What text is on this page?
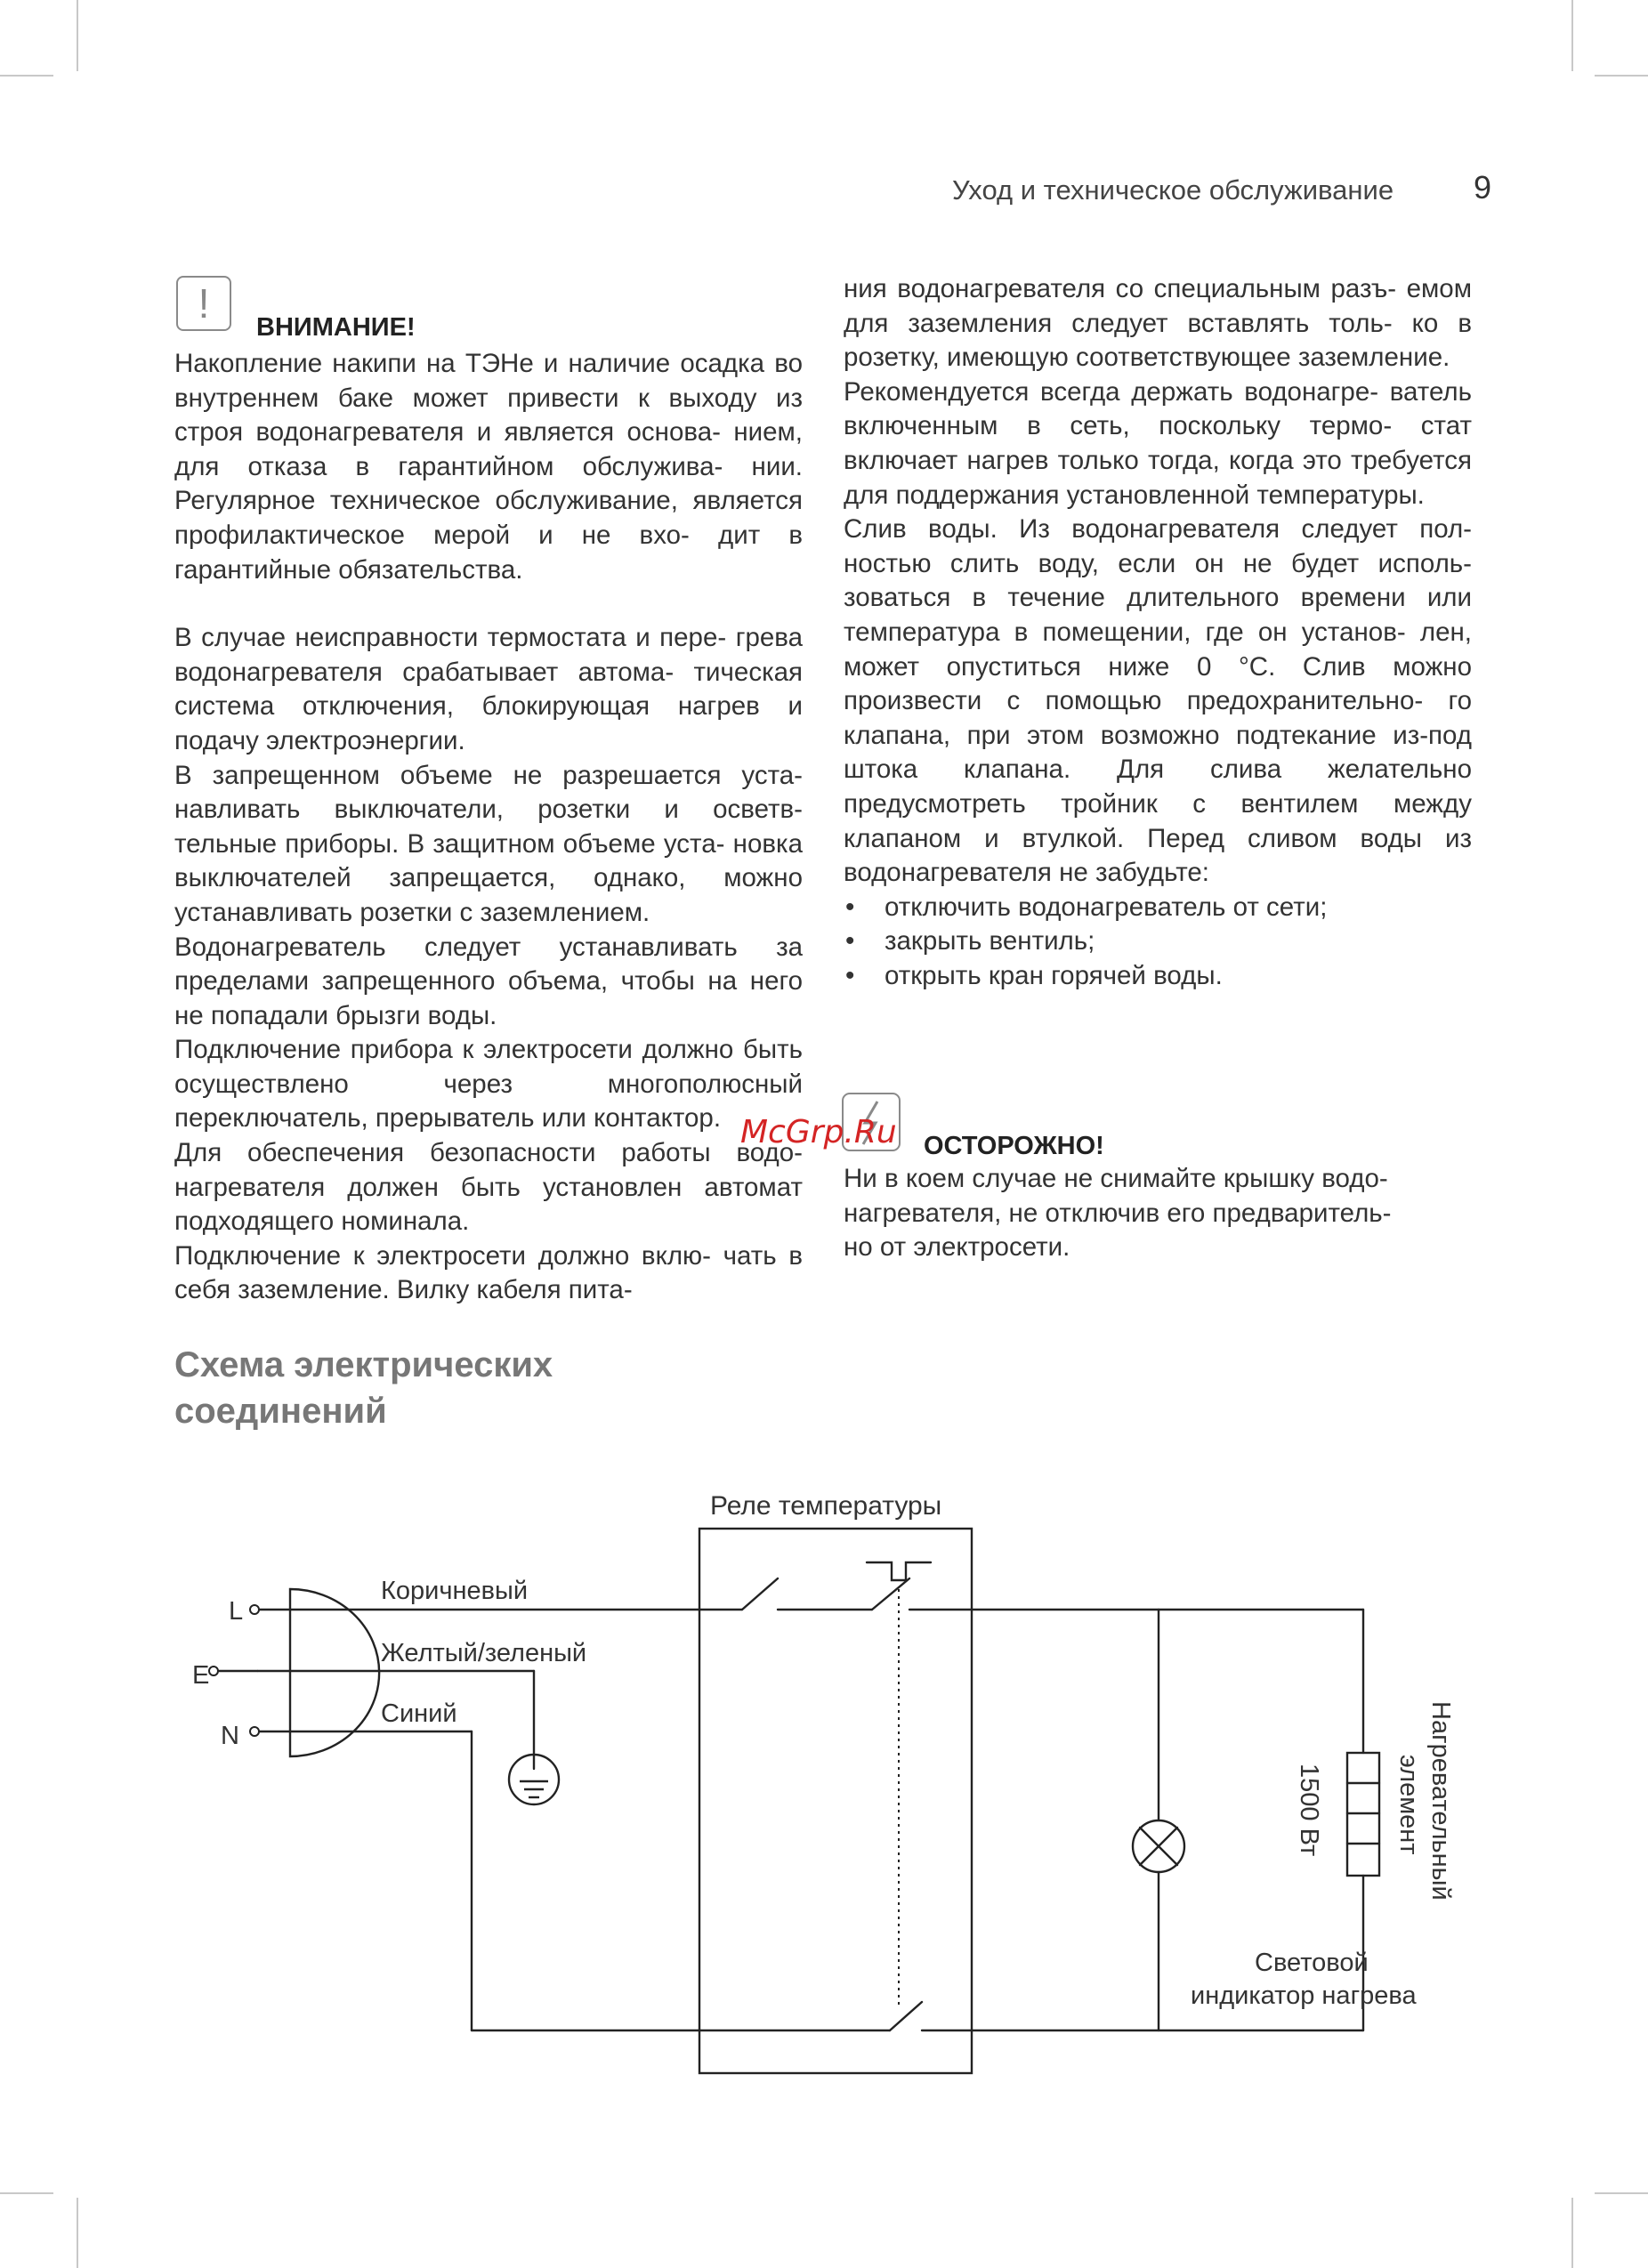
Уход и техническое обслуживание 9
!
ВНИМАНИЕ!

Накопление накипи на ТЭНе и наличие осадка во внутреннем баке может привести к выходу из строя водонагревателя и является основа- нием, для отказа в гарантийном обслужива- нии. Регулярное техническое обслуживание, является профилактическое мерой и не вхо- дит в гарантийные обязательства.

В случае неисправности термостата и пере- грева водонагревателя срабатывает автома- тическая система отключения, блокирующая нагрев и подачу электроэнергии.

В запрещенном объеме не разрешается уста- навливать выключатели, розетки и осветв- тельные приборы. В защитном объеме уста- новка выключателей запрещается, однако, можно устанавливать розетки с заземлением.

Водонагреватель следует устанавливать за пределами запрещенного объема, чтобы на него не попадали брызги воды.

Подключение прибора к электросети должно быть осуществлено через многополюсный переключатель, прерыватель или контактор.

Для обеспечения безопасности работы водо- нагревателя должен быть установлен автомат подходящего номинала.

Подключение к электросети должно вклю- чать в себя заземление. Вилку кабеля пита-

ния водонагревателя со специальным разъ- емом для заземления следует вставлять толь- ко в розетку, имеющую соответствующее заземление.

Рекомендуется всегда держать водонагре- ватель включенным в сеть, поскольку термо- стат включает нагрев только тогда, когда это требуется для поддержания установленной температуры.

Слив воды. Из водонагревателя следует пол- ностью слить воду, если он не будет исполь- зоваться в течение длительного времени или температура в помещении, где он установ- лен, может опуститься ниже 0 °C. Слив можно произвести с помощью предохранительно- го клапана, при этом возможно подтекание из-под штока клапана. Для слива желательно предусмотреть тройник с вентилем между клапаном и втулкой. Перед сливом воды из водонагревателя не забудьте:

• отключить водонагреватель от сети;
• закрыть вентиль;
• открыть кран горячей воды.
McGrp.Ru ОСТОРОЖНО!
Ни в коем случае не снимайте крышку водо-
нагревателя, не отключив его предваритель-
но от электросети.
Схема электрических
соединений
Реле температуры
L
E
N
Коричневый
Желтый/зеленый
Синий
Световой
индикатор нагрева
Нагревательный
элемент
1500 Вт
